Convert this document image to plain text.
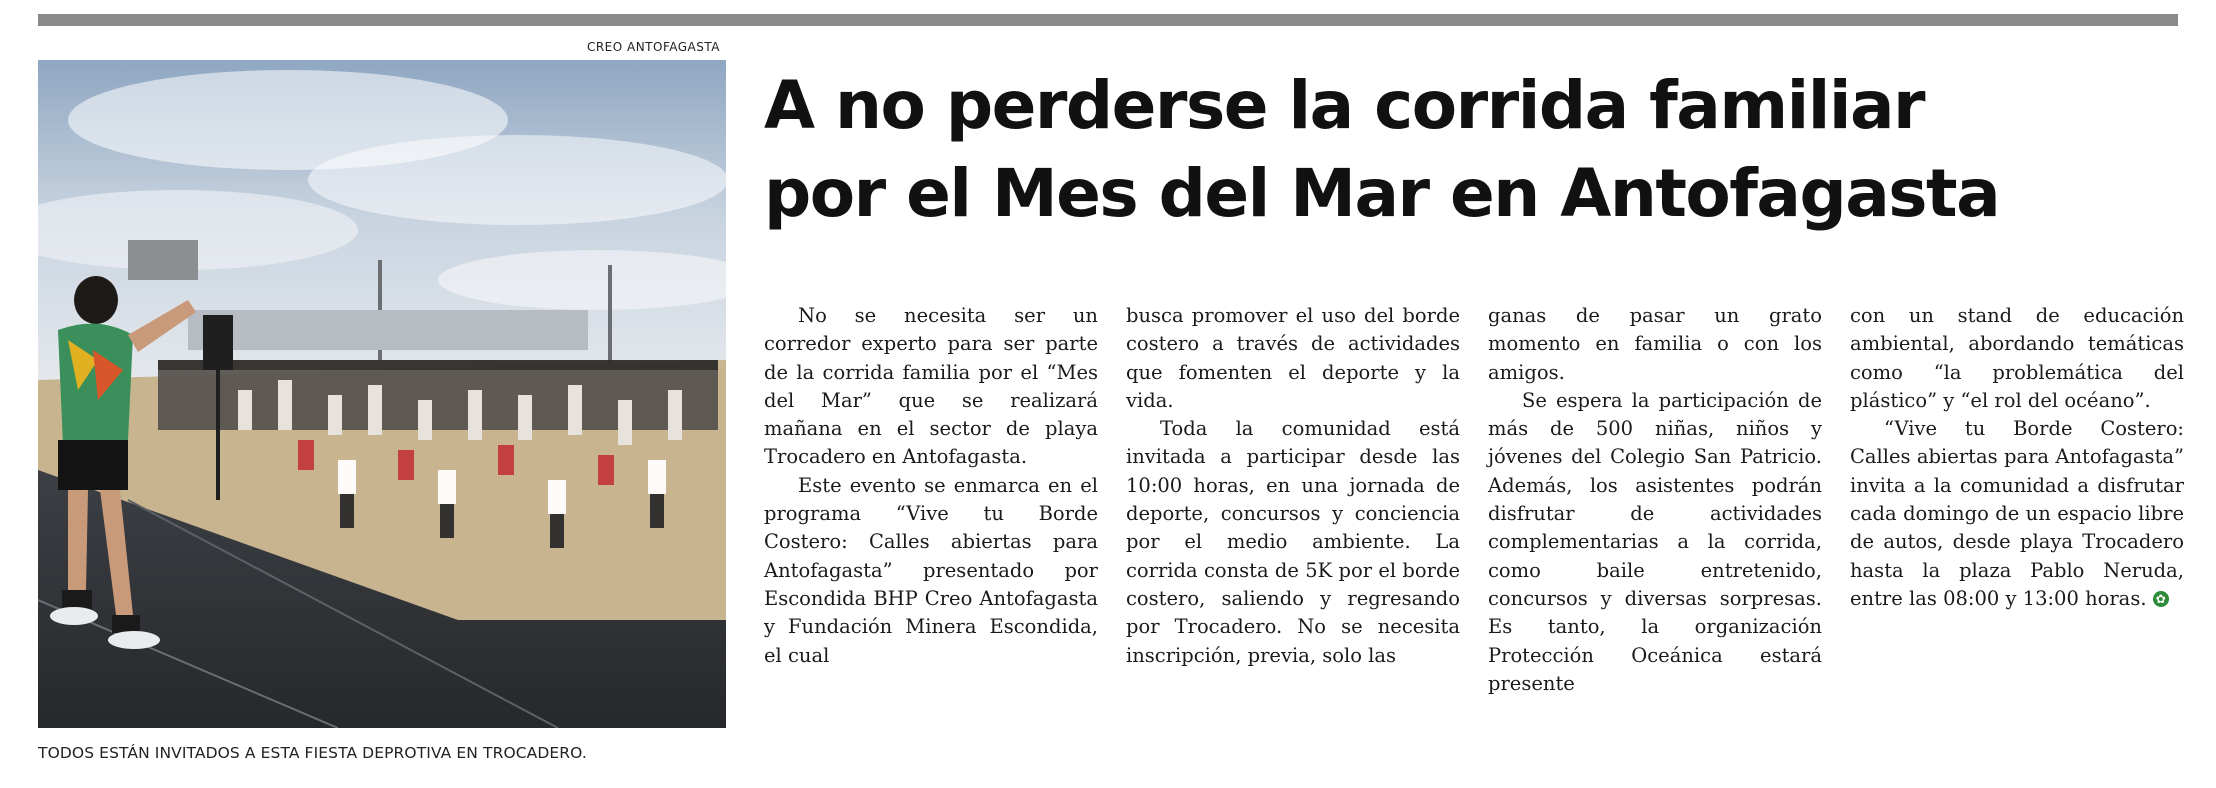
CREO ANTOFAGASTA
TODOS ESTÁN INVITADOS A ESTA FIESTA DEPROTIVA EN TROCADERO.
A no perderse la corrida familiar
por el Mes del Mar en Antofagasta

No se necesita ser un corredor experto para ser parte de la corrida familia por el “Mes del Mar” que se realizará mañana en el sector de playa Trocadero en Antofagasta.

Este evento se enmarca en el programa “Vive tu Borde Costero: Calles abiertas para Antofagasta” presentado por Escondida BHP Creo Antofagasta y Fundación Minera Escondida, el cual

busca promover el uso del borde costero a través de actividades que fomenten el deporte y la vida.

Toda la comunidad está invitada a participar desde las 10:00 horas, en una jornada de deporte, concursos y conciencia por el medio ambiente. La corrida consta de 5K por el borde costero, saliendo y regresando por Trocadero. No se necesita inscripción, previa, solo las

ganas de pasar un grato momento en familia o con los amigos.

Se espera la participación de más de 500 niñas, niños y jóvenes del Colegio San Patricio. Además, los asistentes podrán disfrutar de actividades complementarias a la corrida, como baile entretenido, concursos y diversas sorpresas. Es tanto, la organización Protección Oceánica estará presente

con un stand de educación ambiental, abordando temáticas como “la problemática del plástico” y “el rol del océano”.

“Vive tu Borde Costero: Calles abiertas para Antofagasta” invita a la comunidad a disfrutar cada domingo de un espacio libre de autos, desde playa Trocadero hasta la plaza Pablo Neruda, entre las 08:00 y 13:00 horas. ✿
